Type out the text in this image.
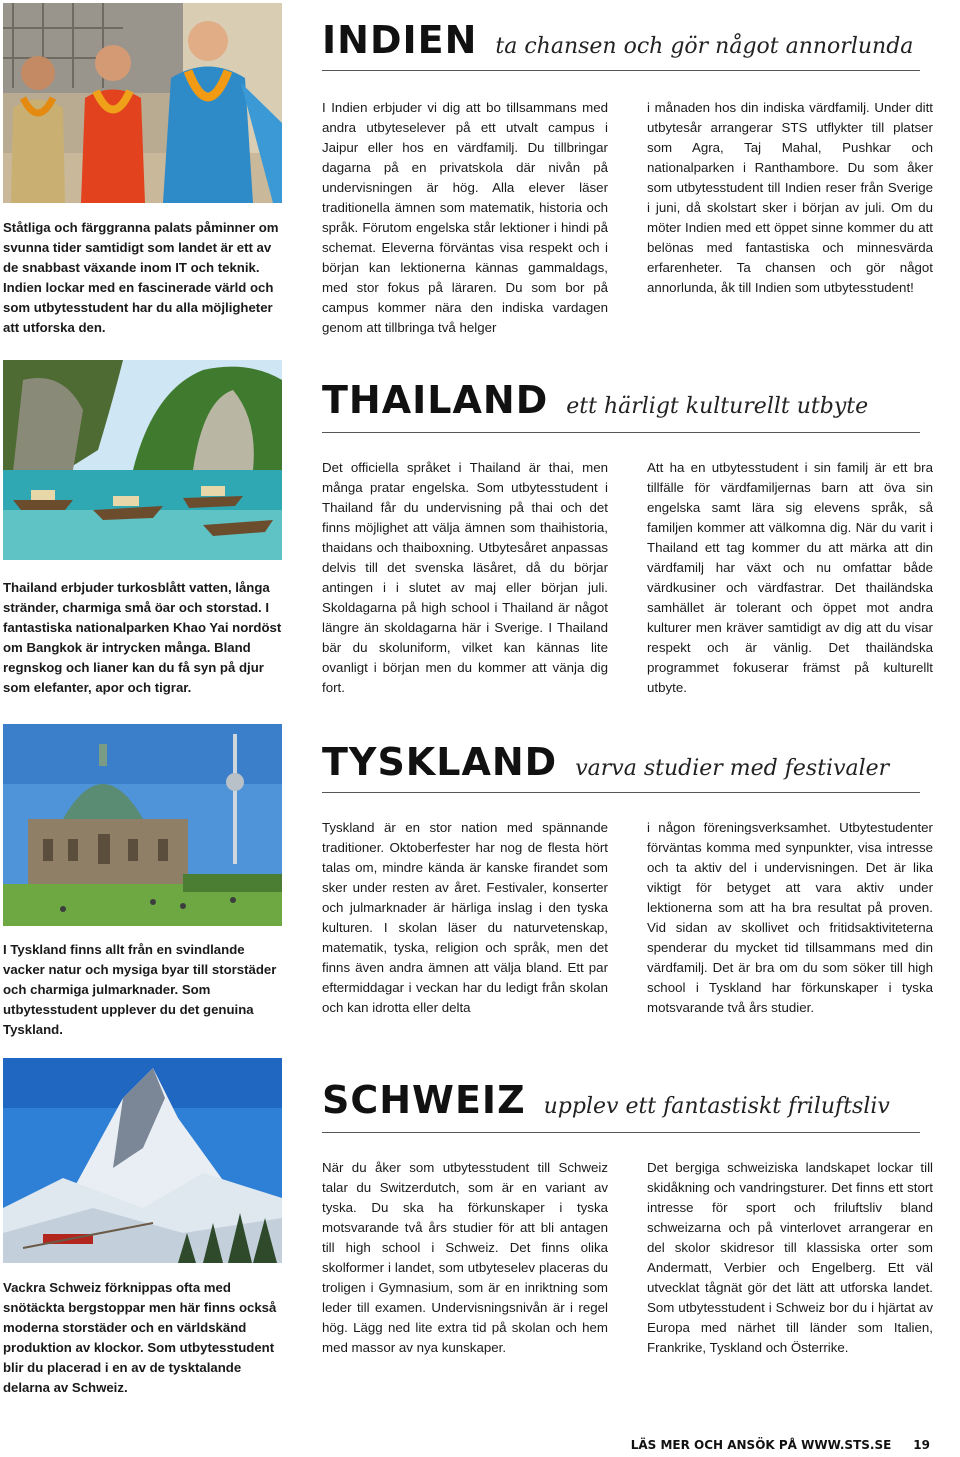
Ståtliga och färggranna palats påminner om svunna tider samtidigt som landet är ett av de snabbast växande inom IT och teknik. Indien lockar med en fascinerade värld och som utbytesstudent har du alla möjligheter att utforska den.
INDIEN ta chansen och gör något annorlunda
I Indien erbjuder vi dig att bo tillsammans med andra utbyteselever på ett utvalt campus i Jaipur eller hos en värdfamilj. Du tillbringar dagarna på en privatskola där nivån på undervisningen är hög. Alla elever läser traditionella ämnen som matematik, historia och språk. Förutom engelska står lektioner i hindi på schemat. Eleverna förväntas visa respekt och i början kan lektionerna kännas gammaldags, med stor fokus på läraren. Du som bor på campus kommer nära den indiska vardagen genom att tillbringa två helger
i månaden hos din indiska värdfamilj. Under ditt utbytesår arrangerar STS utflykter till platser som Agra, Taj Mahal, Pushkar och nationalparken i Ranthambore. Du som åker som utbytesstudent till Indien reser från Sverige i juni, då skolstart sker i början av juli. Om du möter Indien med ett öppet sinne kommer du att belönas med fantastiska och minnesvärda erfarenheter. Ta chansen och gör något annorlunda, åk till Indien som utbytesstudent!
Thailand erbjuder turkosblått vatten, långa stränder, charmiga små öar och storstad. I fantastiska nationalparken Khao Yai nordöst om Bangkok är intrycken många. Bland regnskog och lianer kan du få syn på djur som elefanter, apor och tigrar.
THAILAND ett härligt kulturellt utbyte
Det officiella språket i Thailand är thai, men många pratar engelska. Som utbytesstudent i Thailand får du undervisning på thai och det finns möjlighet att välja ämnen som thaihistoria, thaidans och thaiboxning. Utbytesåret anpassas delvis till det svenska läsåret, då du börjar antingen i i slutet av maj eller början juli. Skoldagarna på high school i Thailand är något längre än skoldagarna här i Sverige. I Thailand bär du skoluniform, vilket kan kännas lite ovanligt i början men du kommer att vänja dig fort.
Att ha en utbytesstudent i sin familj är ett bra tillfälle för värdfamiljernas barn att öva sin engelska samt lära sig elevens språk, så familjen kommer att välkomna dig. När du varit i Thailand ett tag kommer du att märka att din värdfamilj har växt och nu omfattar både värdkusiner och värdfastrar. Det thailändska samhället är tolerant och öppet mot andra kulturer men kräver samtidigt av dig att du visar respekt och är vänlig. Det thailändska programmet fokuserar främst på kulturellt utbyte.
I Tyskland finns allt från en svindlande vacker natur och mysiga byar till storstäder och charmiga julmarknader. Som utbytesstudent upplever du det genuina Tyskland.
TYSKLAND varva studier med festivaler
Tyskland är en stor nation med spännande traditioner. Oktoberfester har nog de flesta hört talas om, mindre kända är kanske firandet som sker under resten av året. Festivaler, konserter och julmarknader är härliga inslag i den tyska kulturen. I skolan läser du naturvetenskap, matematik, tyska, religion och språk, men det finns även andra ämnen att välja bland. Ett par eftermiddagar i veckan har du ledigt från skolan och kan idrotta eller delta
i någon föreningsverksamhet. Utbytestudenter förväntas komma med synpunkter, visa intresse och ta aktiv del i undervisningen. Det är lika viktigt för betyget att vara aktiv under lektionerna som att ha bra resultat på proven. Vid sidan av skollivet och fritidsaktiviteterna spenderar du mycket tid tillsammans med din värdfamilj. Det är bra om du som söker till high school i Tyskland har förkunskaper i tyska motsvarande två års studier.
Vackra Schweiz förknippas ofta med snötäckta bergstoppar men här finns också moderna storstäder och en världskänd produktion av klockor. Som utbytesstudent blir du placerad i en av de tysktalande delarna av Schweiz.
SCHWEIZ upplev ett fantastiskt friluftsliv
När du åker som utbytesstudent till Schweiz talar du Switzerdutch, som är en variant av tyska. Du ska ha förkunskaper i tyska motsvarande två års studier för att bli antagen till high school i Schweiz. Det finns olika skolformer i landet, som utbyteselev placeras du troligen i Gymnasium, som är en inriktning som leder till examen. Undervisningsnivån är i regel hög. Lägg ned lite extra tid på skolan och hem med massor av nya kunskaper.
Det bergiga schweiziska landskapet lockar till skidåkning och vandringsturer. Det finns ett stort intresse för sport och friluftsliv bland schweizarna och på vinterlovet arrangerar en del skolor skidresor till klassiska orter som Andermatt, Verbier och Engelberg. Ett väl utvecklat tågnät gör det lätt att utforska landet. Som utbytesstudent i Schweiz bor du i hjärtat av Europa med närhet till länder som Italien, Frankrike, Tyskland och Österrike.
LÄS MER OCH ANSÖK PÅ WWW.STS.SE 19
